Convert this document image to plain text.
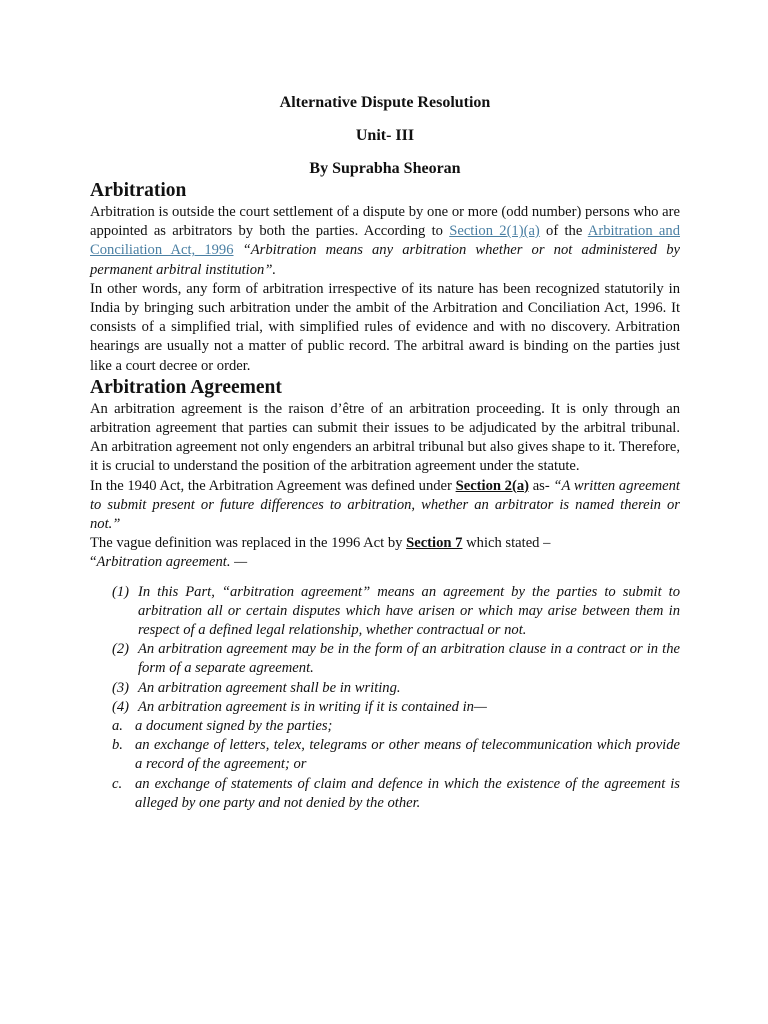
Alternative Dispute Resolution
Unit- III
By Suprabha Sheoran
Arbitration

Arbitration is outside the court settlement of a dispute by one or more (odd number) persons who are appointed as arbitrators by both the parties. According to Section 2(1)(a) of the Arbitration and Conciliation Act, 1996 “Arbitration means any arbitration whether or not administered by permanent arbitral institution”.

In other words, any form of arbitration irrespective of its nature has been recognized statutorily in India by bringing such arbitration under the ambit of the Arbitration and Conciliation Act, 1996. It consists of a simplified trial, with simplified rules of evidence and with no discovery. Arbitration hearings are usually not a matter of public record. The arbitral award is binding on the parties just like a court decree or order.

Arbitration Agreement

An arbitration agreement is the raison d’être of an arbitration proceeding. It is only through an arbitration agreement that parties can submit their issues to be adjudicated by the arbitral tribunal. An arbitration agreement not only engenders an arbitral tribunal but also gives shape to it. Therefore, it is crucial to understand the position of the arbitration agreement under the statute.

In the 1940 Act, the Arbitration Agreement was defined under Section 2(a) as- “A written agreement to submit present or future differences to arbitration, whether an arbitrator is named therein or not.”

The vague definition was replaced in the 1996 Act by Section 7 which stated –

“Arbitration agreement. —

(1) In this Part, “arbitration agreement” means an agreement by the parties to submit to arbitration all or certain disputes which have arisen or which may arise between them in respect of a defined legal relationship, whether contractual or not.
(2) An arbitration agreement may be in the form of an arbitration clause in a contract or in the form of a separate agreement.
(3) An arbitration agreement shall be in writing.
(4) An arbitration agreement is in writing if it is contained in—
a. a document signed by the parties;
b. an exchange of letters, telex, telegrams or other means of telecommunication which provide a record of the agreement; or
c. an exchange of statements of claim and defence in which the existence of the agreement is alleged by one party and not denied by the other.
